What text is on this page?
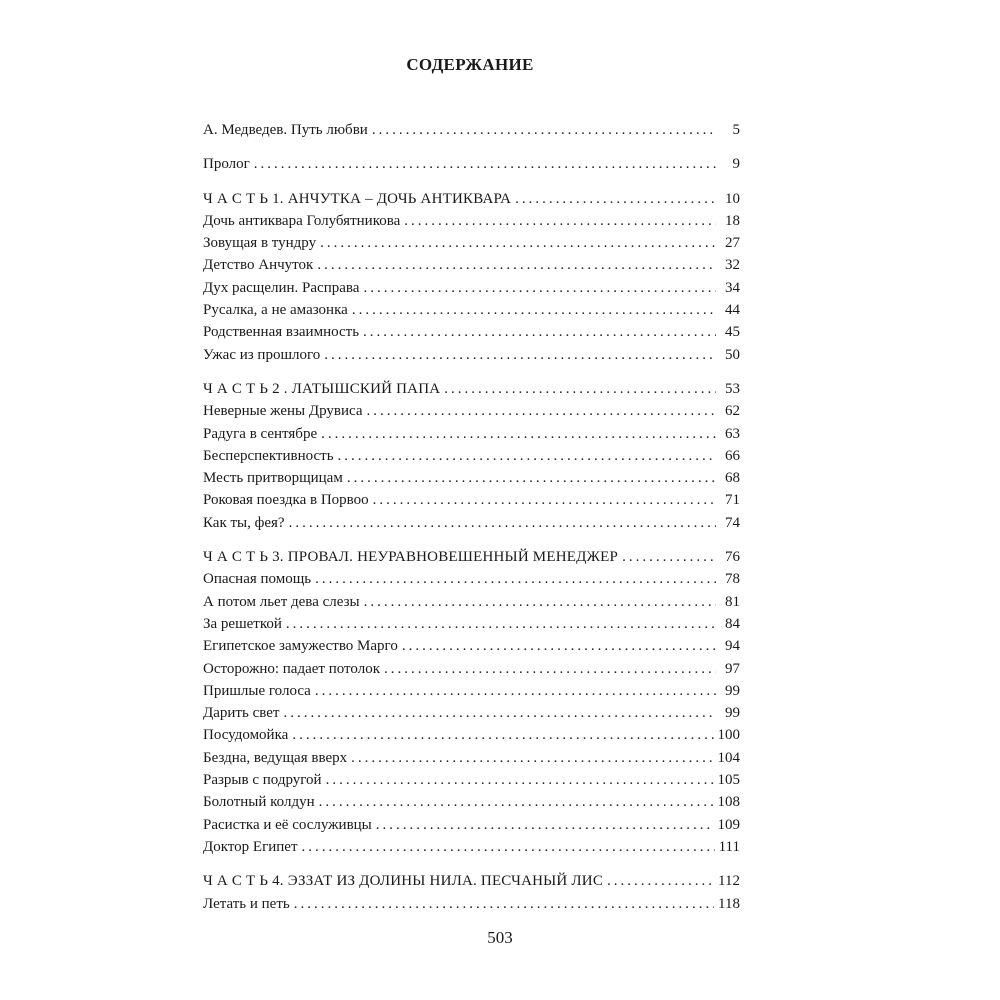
СОДЕРЖАНИЕ
А. Медведев. Путь любви .....	5
Пролог .....	9
Ч А С Т Ь 1. АНЧУТКА – ДОЧЬ АНТИКВАРА .....	10
Дочь антиквара Голубятникова .....	18
Зовущая в тундру .....	27
Детство Анчуток .....	32
Дух расщелин. Расправа .....	34
Русалка, а не амазонка .....	44
Родственная взаимность .....	45
Ужас из прошлого .....	50
Ч А С Т Ь 2 . ЛАТЫШСКИЙ ПАПА .....	53
Неверные жены Друвиса .....	62
Радуга в сентябре .....	63
Бесперспективность .....	66
Месть притворщицам .....	68
Роковая поездка в Порвоо .....	71
Как ты, фея? .....	74
Ч А С Т Ь 3. ПРОВАЛ. НЕУРАВНОВЕШЕННЫЙ МЕНЕДЖЕР .....	76
Опасная помощь .....	78
А потом льет дева слезы .....	81
За решеткой .....	84
Египетское замужество Марго .....	94
Осторожно: падает потолок .....	97
Пришлые голоса .....	99
Дарить свет .....	99
Посудомойка .....	100
Бездна, ведущая вверх .....	104
Разрыв с подругой .....	105
Болотный колдун .....	108
Расистка и её сослуживцы .....	109
Доктор Египет .....	111
Ч А С Т Ь 4. ЭЗЗАТ ИЗ ДОЛИНЫ НИЛА. ПЕСЧАНЫЙ ЛИС .....	112
Летать и петь .....	118
503
